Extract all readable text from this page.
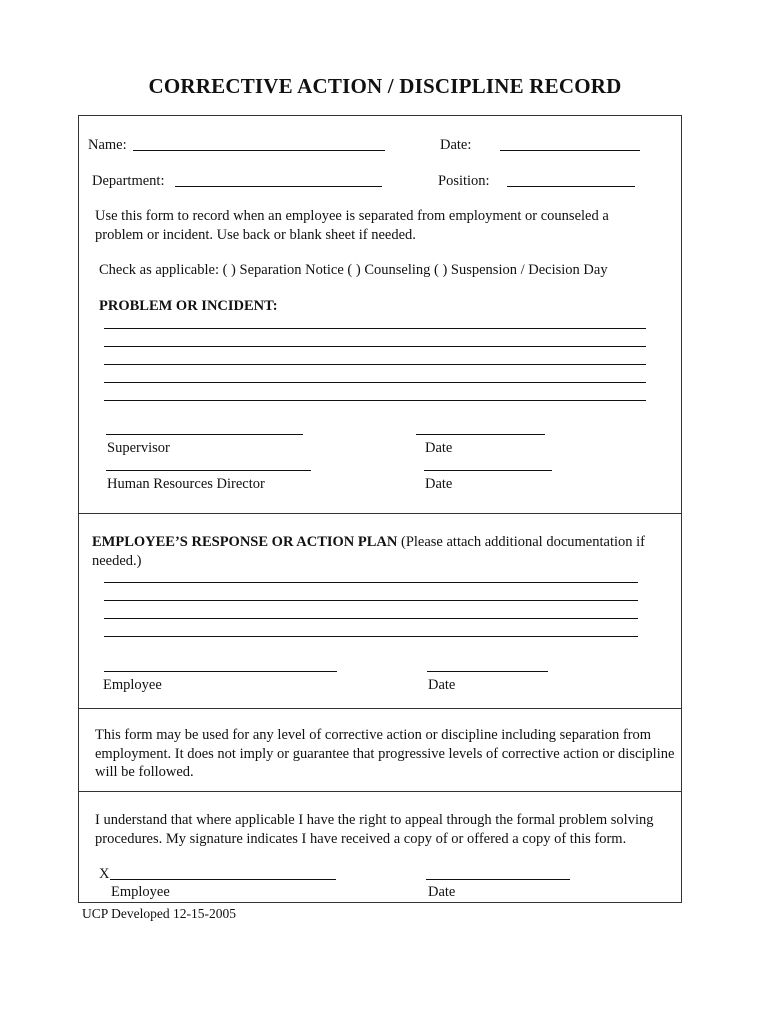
CORRECTIVE ACTION / DISCIPLINE RECORD
Name:	Date:
Department:	Position:
Use this form to record when an employee is separated from employment or counseled a problem or incident. Use back or blank sheet if needed.
Check as applicable: ( ) Separation Notice ( ) Counseling ( ) Suspension / Decision Day
PROBLEM OR INCIDENT:
Supervisor	Date
Human Resources Director	Date
EMPLOYEE’S RESPONSE OR ACTION PLAN (Please attach additional documentation if needed.)
Employee	Date
This form may be used for any level of corrective action or discipline including separation from employment. It does not imply or guarantee that progressive levels of corrective action or discipline will be followed.
I understand that where applicable I have the right to appeal through the formal problem solving procedures. My signature indicates I have received a copy of or offered a copy of this form.
X
Employee	Date
UCP Developed 12-15-2005
